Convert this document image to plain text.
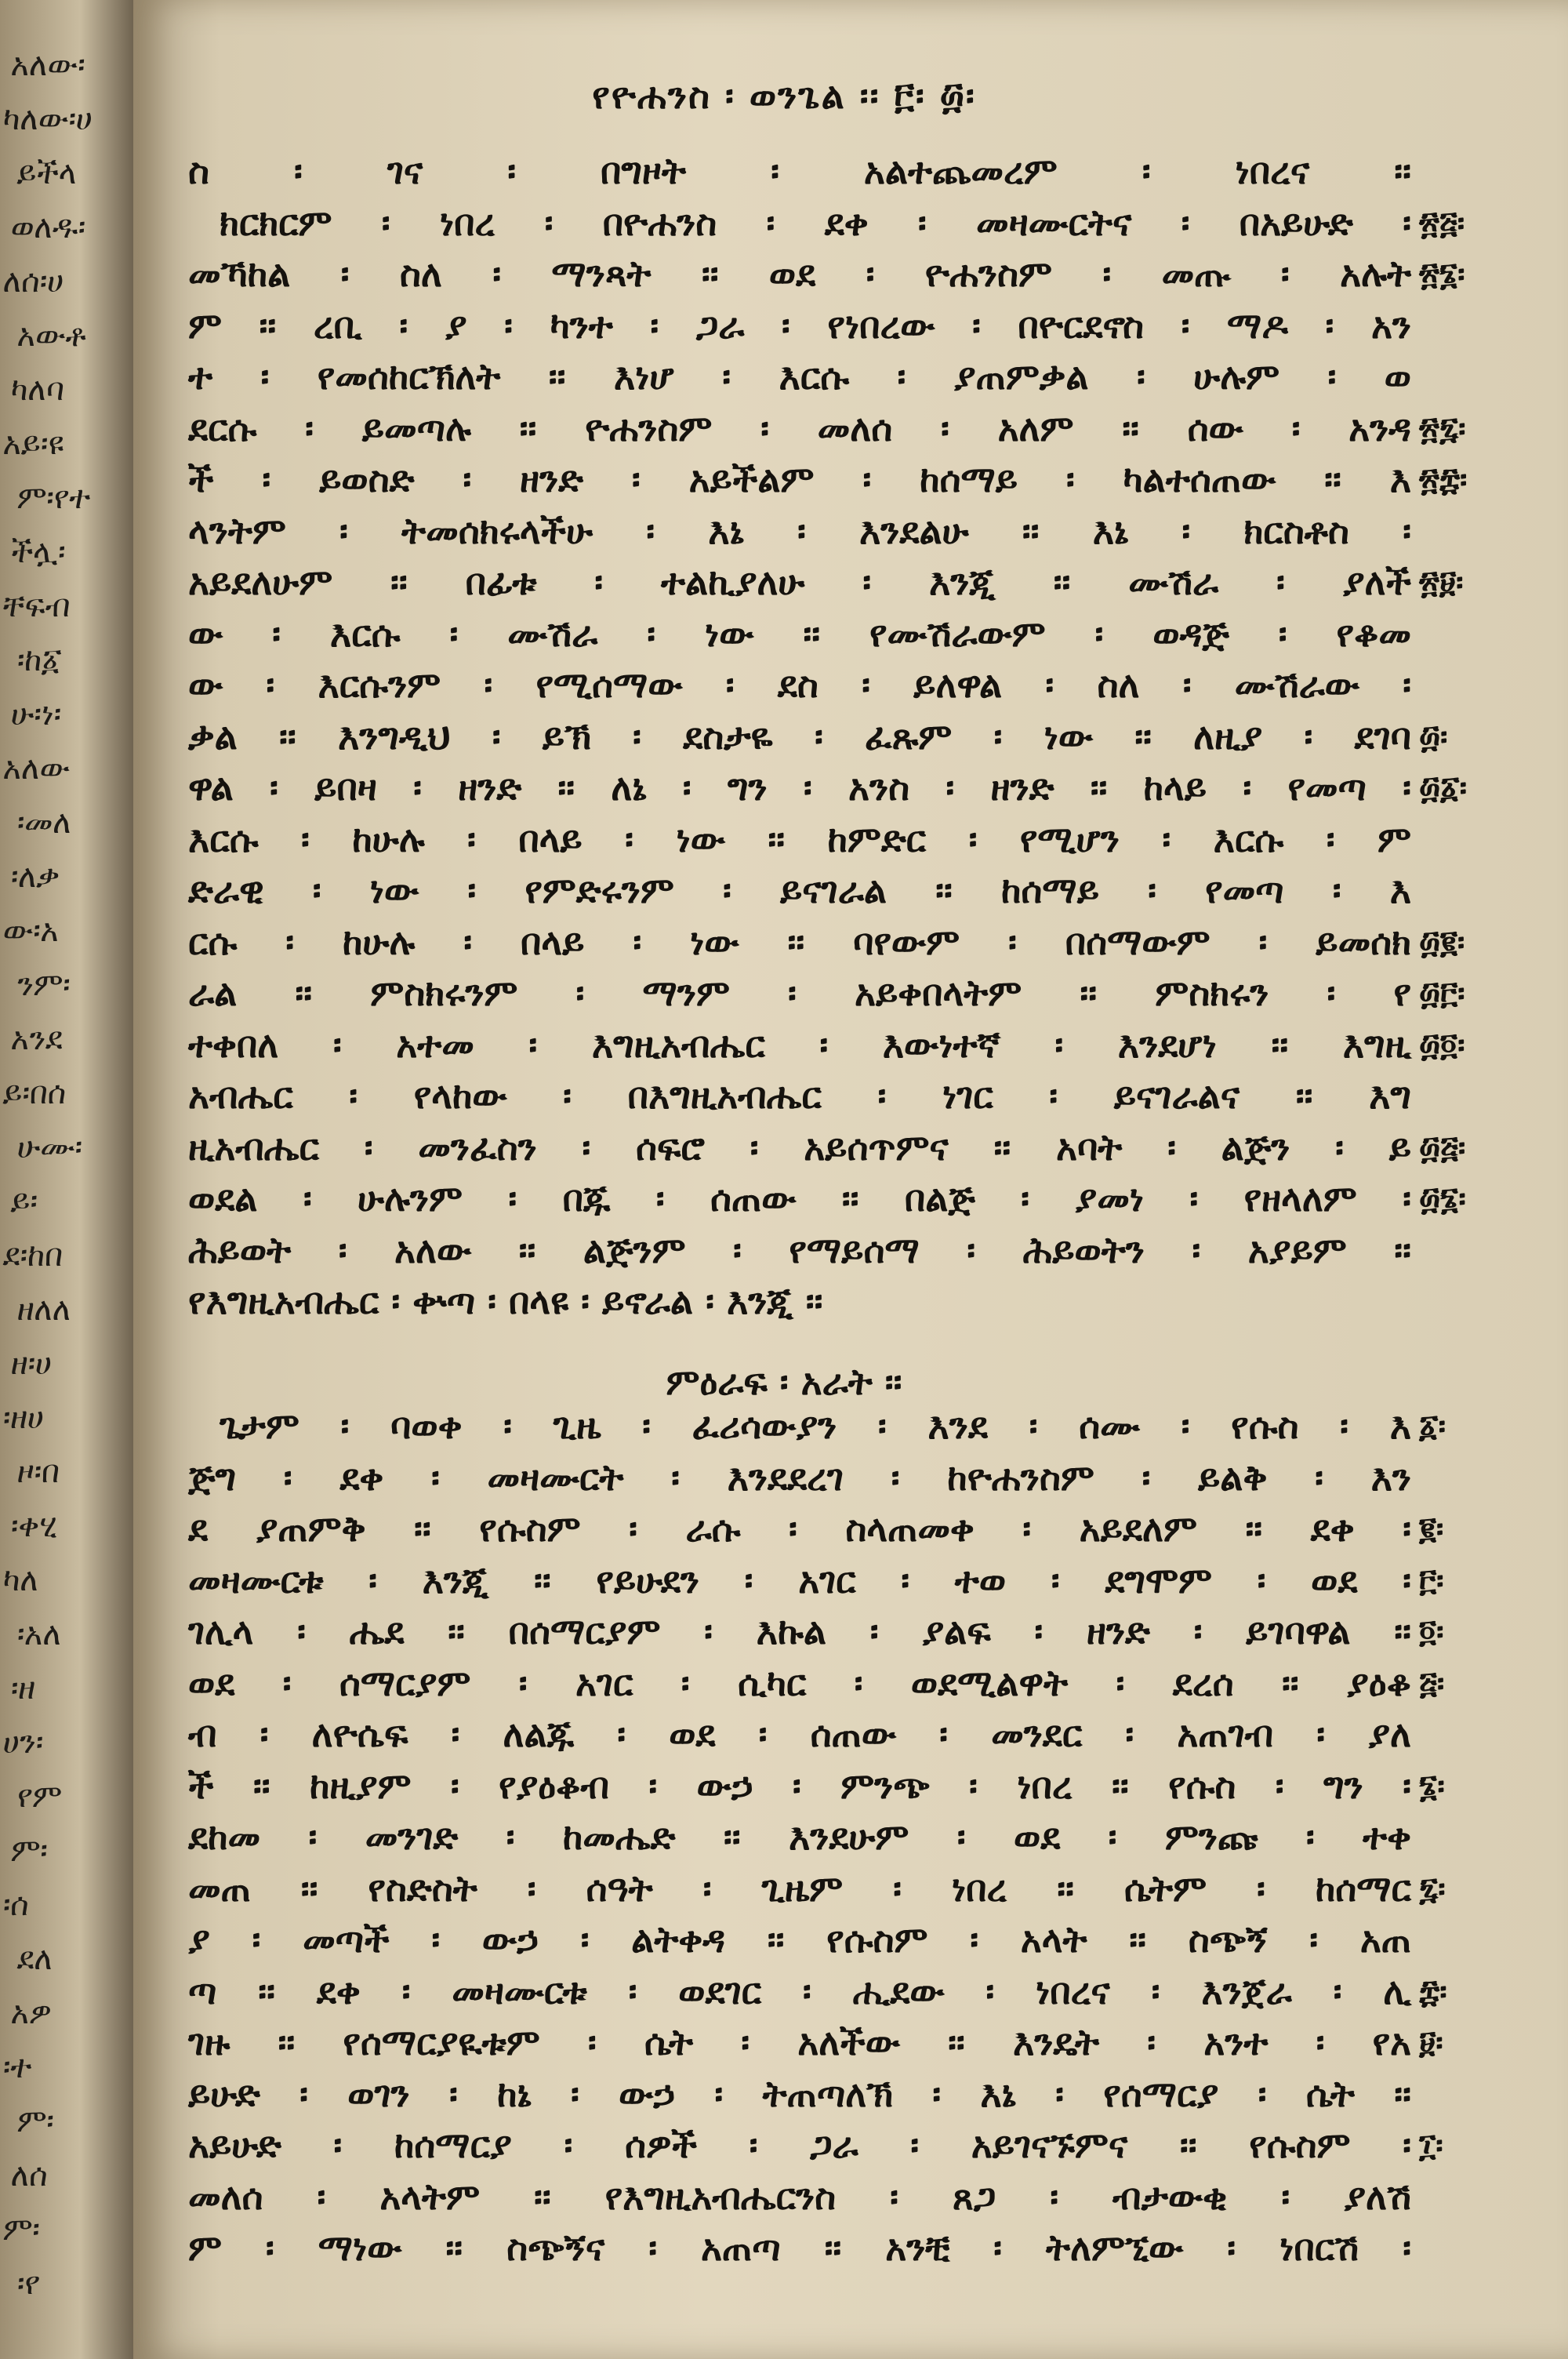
አለው፡
ካለው፡ሀ
ይችላ
ወለዱ፡
ለሰ፡ሀ
አውቶ
ካለባ
አይ፡ዩ
ም፡የተ
ችሏ፡
ቸፍብ
፡ከ፩
ሁ፡ነ፡
አለው
፡መለ
፡ለቃ
ው፡አ
ንም፡
አንደ
ይ፡በሰ
ሁሙ፡
ይ፡
ደ፡ከበ
ዘለለ
ዘ፡ሀ
፡ዘሀ
ዞ፡በ
፡ቀሂ
ካለ
፡አለ
፡ዘ
ሀን፡
የም
ም፡
፡ሰ
ደለ
አዎ
፡ተ
ም፡
ለሰ
ም፡
፡የ
የዮሐንስ ፡ ወንጌል ፡፡ ፫፡ ፴፡
ስ ፡ ገና ፡ በግዞት ፡ አልተጨመረም ፡ ነበረና ፡፡
ክርክርም ፡ ነበረ ፡ በዮሐንስ ፡ ደቀ ፡ መዛሙርትና ፡ በአይሁድ ፡
መኻከል ፡ ስለ ፡ ማንጻት ፡፡ ወደ ፡ ዮሐንስም ፡ መጡ ፡ አሉት
ም ፡፡ ረቢ ፡ ያ ፡ ካንተ ፡ ጋራ ፡ የነበረው ፡ በዮርደኖስ ፡ ማዶ ፡ አን
ተ ፡ የመሰከርኽለት ፡፡ እነሆ ፡ እርሱ ፡ ያጠምቃል ፡ ሁሉም ፡ ወ
ደርሱ ፡ ይመጣሉ ፡፡ ዮሐንስም ፡ መለሰ ፡ አለም ፡፡ ሰው ፡ አንዳ
ች ፡ ይወስድ ፡ ዘንድ ፡ አይችልም ፡ ከሰማይ ፡ ካልተሰጠው ፡፡ እ
ላንትም ፡ ትመሰክሩላችሁ ፡ እኔ ፡ እንደልሁ ፡፡ እኔ ፡ ክርስቶስ ፡
አይደለሁም ፡፡ በፊቱ ፡ ተልኪያለሁ ፡ እንጂ ፡፡ ሙሽራ ፡ ያለች
ው ፡ እርሱ ፡ ሙሽራ ፡ ነው ፡፡ የሙሽራውም ፡ ወዳጅ ፡ የቆመ
ው ፡ እርሱንም ፡ የሚሰማው ፡ ደስ ፡ ይለዋል ፡ ስለ ፡ ሙሽራው ፡
ቃል ፡፡ እንግዲህ ፡ ይኽ ፡ ደስታዬ ፡ ፈጹም ፡ ነው ፡፡ ለዚያ ፡ ደገባ
ዋል ፡ ይበዛ ፡ ዘንድ ፡፡ ለኔ ፡ ግን ፡ አንስ ፡ ዘንድ ፡፡ ከላይ ፡ የመጣ ፡
እርሱ ፡ ከሁሉ ፡ በላይ ፡ ነው ፡፡ ከምድር ፡ የሚሆን ፡ እርሱ ፡ ም
ድራዊ ፡ ነው ፡ የምድሩንም ፡ ይናገራል ፡፡ ከሰማይ ፡ የመጣ ፡ እ
ርሱ ፡ ከሁሉ ፡ በላይ ፡ ነው ፡፡ ባየውም ፡ በሰማውም ፡ ይመሰክ
ራል ፡፡ ምስክሩንም ፡ ማንም ፡ አይቀበላትም ፡፡ ምስክሩን ፡ የ
ተቀበለ ፡ አተመ ፡ እግዚአብሔር ፡ እውነተኛ ፡ እንደሆነ ፡፡ እግዚ
አብሔር ፡ የላከው ፡ በእግዚአብሔር ፡ ነገር ፡ ይናገራልና ፡፡ እግ
ዚአብሔር ፡ መንፈስን ፡ ሰፍሮ ፡ አይሰጥምና ፡፡ አባት ፡ ልጅን ፡ ይ
ወደል ፡ ሁሉንም ፡ በጁ ፡ ሰጠው ፡፡ በልጅ ፡ ያመነ ፡ የዘላለም ፡
ሕይወት ፡ አለው ፡፡ ልጅንም ፡ የማይሰማ ፡ ሕይወትን ፡ አያይም ፡፡
የእግዚአብሔር ፡ ቍጣ ፡ በላዩ ፡ ይኖራል ፡ እንጂ ፡፡
ምዕራፍ ፡ አራት ፡፡
ጌታም ፡ ባወቀ ፡ ጊዜ ፡ ፈሪሳውያን ፡ እንደ ፡ ሰሙ ፡ የሱስ ፡ እ
ጅግ ፡ ደቀ ፡ መዛሙርት ፡ እንደደረገ ፡ ከዮሐንስም ፡ ይልቅ ፡ እን
ደ ያጠምቅ ፡፡ የሱስም ፡ ራሱ ፡ ስላጠመቀ ፡ አይደለም ፡፡ ደቀ ፡
መዛሙርቱ ፡ እንጂ ፡፡ የይሁደን ፡ አገር ፡ ተወ ፡ ደግሞም ፡ ወደ ፡
ገሊላ ፡ ሔደ ፡፡ በሰማርያም ፡ እኩል ፡ ያልፍ ፡ ዘንድ ፡ ይገባዋል ፡፡
ወደ ፡ ሰማርያም ፡ አገር ፡ ሲካር ፡ ወደሚልዋት ፡ ደረሰ ፡፡ ያዕቆ
ብ ፡ ለዮሴፍ ፡ ለልጁ ፡ ወደ ፡ ሰጠው ፡ መንደር ፡ አጠገብ ፡ ያለ
ች ፡፡ ከዚያም ፡ የያዕቆብ ፡ ውኃ ፡ ምንጭ ፡ ነበረ ፡፡ የሱስ ፡ ግን ፡
ደከመ ፡ መንገድ ፡ ከመሔድ ፡፡ እንደሁም ፡ ወደ ፡ ምንጩ ፡ ተቀ
መጠ ፡፡ የስድስት ፡ ሰዓት ፡ ጊዜም ፡ ነበረ ፡፡ ሴትም ፡ ከሰማር
ያ ፡ መጣች ፡ ውኃ ፡ ልትቀዳ ፡፡ የሱስም ፡ አላት ፡፡ ስጭኝ ፡ አጠ
ጣ ፡፡ ደቀ ፡ መዛሙርቱ ፡ ወደገር ፡ ሒደው ፡ ነበረና ፡ እንጀራ ፡ ሊ
ገዙ ፡፡ የሰማርያዪቱም ፡ ሴት ፡ አለችው ፡፡ እንዴት ፡ አንተ ፡ የአ
ይሁድ ፡ ወገን ፡ ከኔ ፡ ውኃ ፡ ትጠጣለኽ ፡ እኔ ፡ የሰማርያ ፡ ሴት ፡፡
አይሁድ ፡ ከሰማርያ ፡ ሰዎች ፡ ጋራ ፡ አይገናኙምና ፡፡ የሱስም ፡
መለሰ ፡ አላትም ፡፡ የእግዚአብሔርንስ ፡ ጸጋ ፡ ብታውቂ ፡ ያለሽ
ም ፡ ማነው ፡፡ ስጭኝና ፡ አጠጣ ፡፡ አንቺ ፡ ትለምኚው ፡ ነበርሽ ፡
፳፭፡
፳፮፡
፳፯፡
፳፰፡
፳፱፡
፴፡
፴፩፡
፴፪፡
፴፫፡
፴፬፡
፴፭፡
፴፮፡
፩፡
፪፡
፫፡
፬፡
፭፡
፮፡
፯፡
፰፡
፱፡
፲፡
